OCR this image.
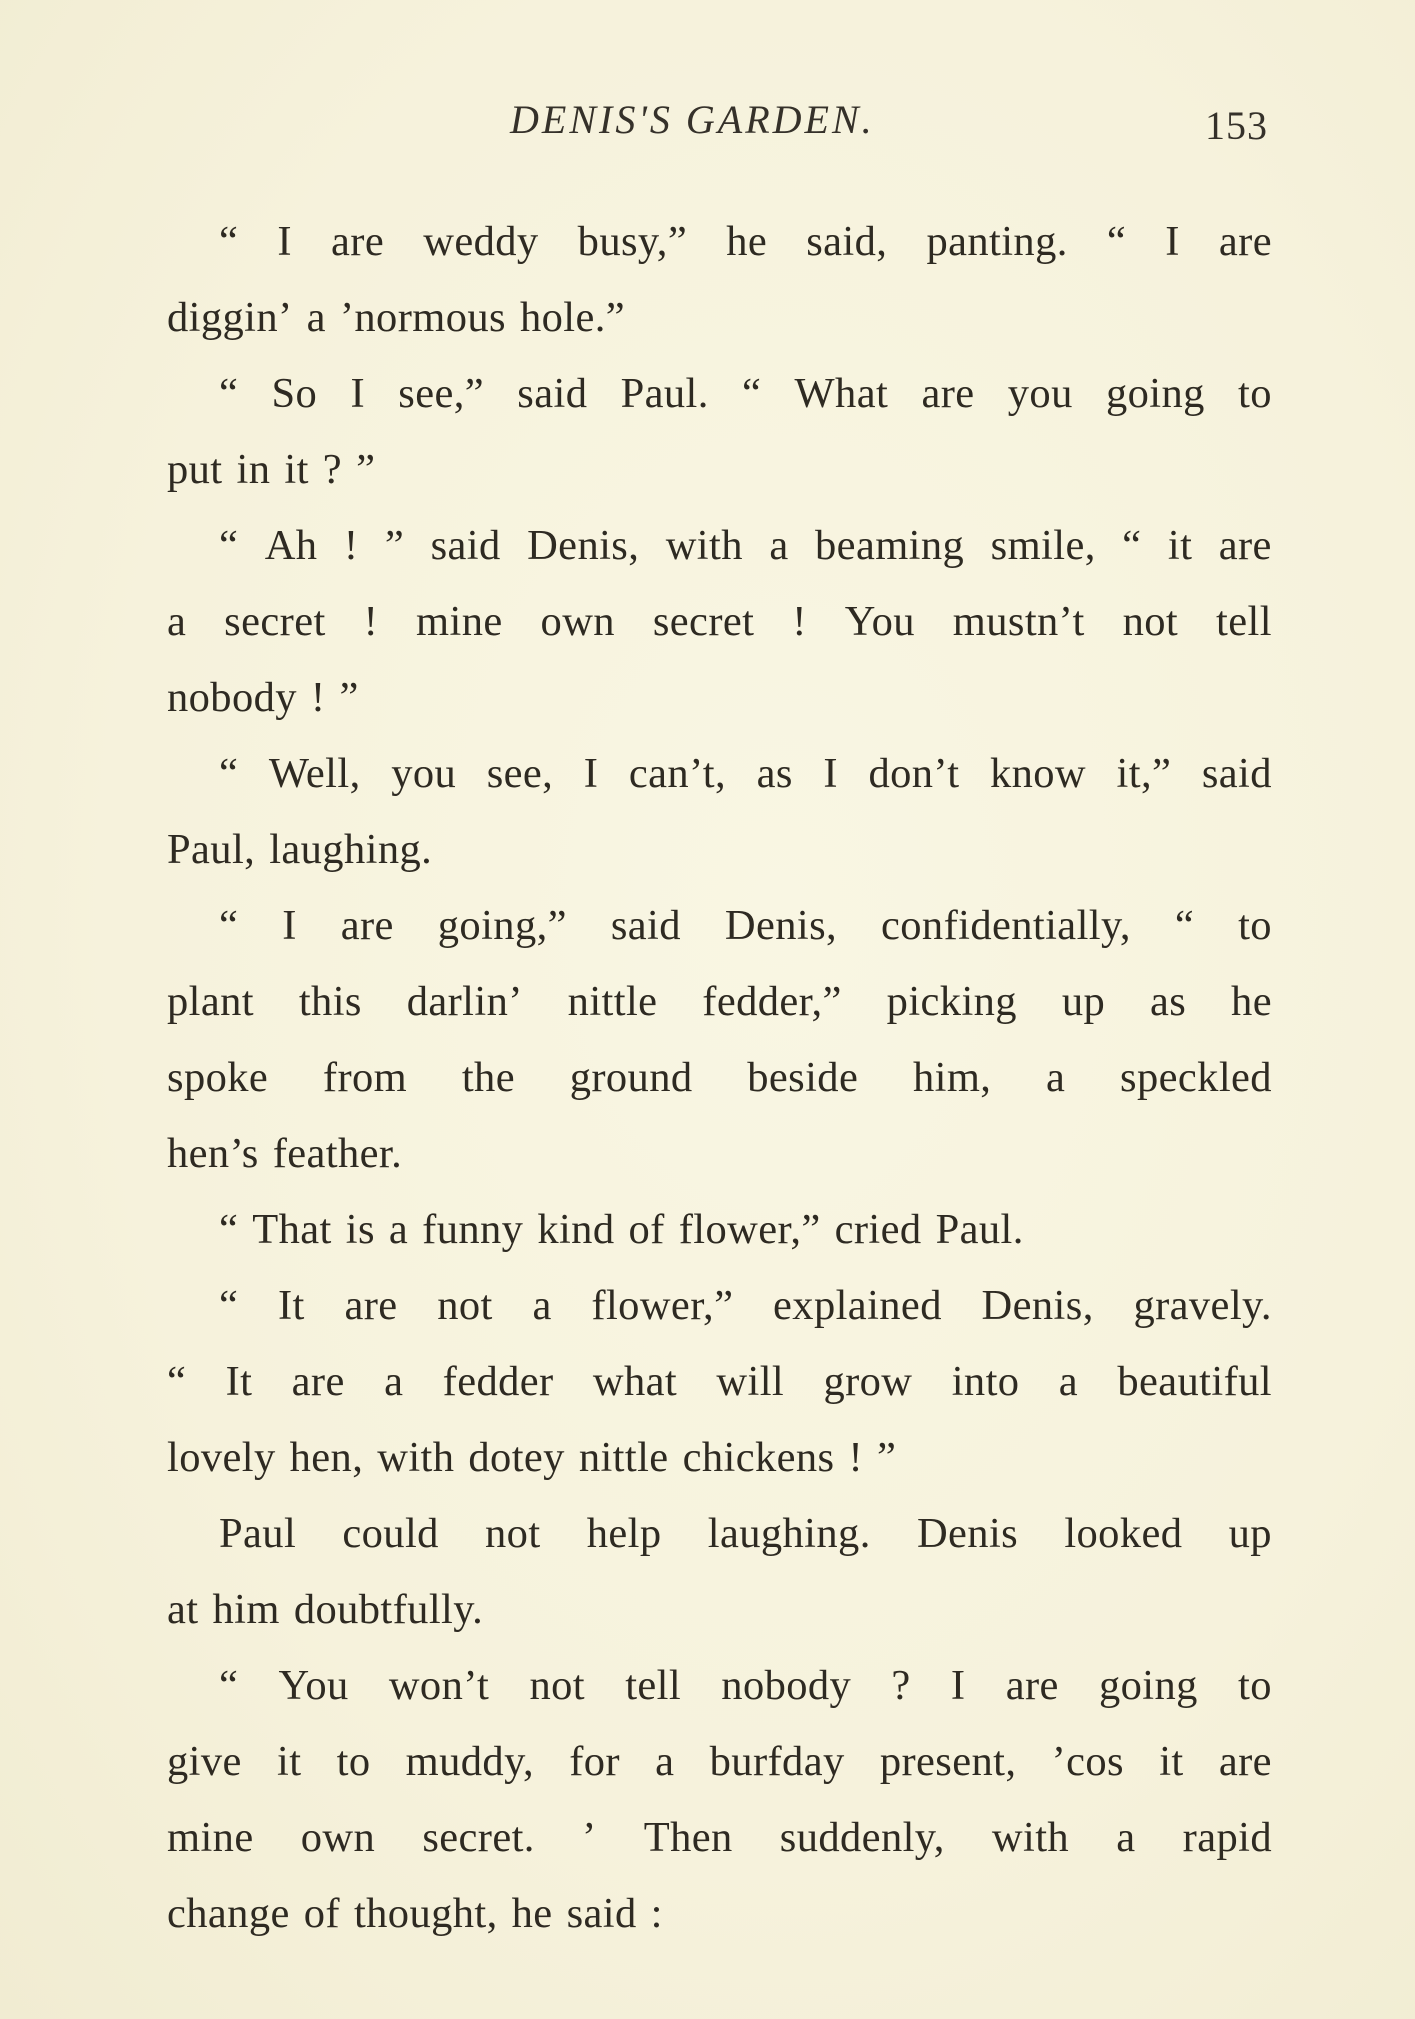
DENIS'S GARDEN.	153
“ I are weddy busy,” he said, panting. “ I are
diggin’ a ’normous hole.”
“ So I see,” said Paul. “ What are you going to
put in it ? ”
“ Ah ! ” said Denis, with a beaming smile, “ it are
a secret ! mine own secret ! You mustn’t not tell
nobody ! ”
“ Well, you see, I can’t, as I don’t know it,” said
Paul, laughing.
“ I are going,” said Denis, confidentially, “ to
plant this darlin’ nittle fedder,” picking up as he
spoke from the ground beside him, a speckled
hen’s feather.
“ That is a funny kind of flower,” cried Paul.
“ It are not a flower,” explained Denis, gravely.
“ It are a fedder what will grow into a beautiful
lovely hen, with dotey nittle chickens ! ”
Paul could not help laughing. Denis looked up
at him doubtfully.
“ You won’t not tell nobody ? I are going to
give it to muddy, for a burfday present, ’cos it are
mine own secret. ’ Then suddenly, with a rapid
change of thought, he said :
